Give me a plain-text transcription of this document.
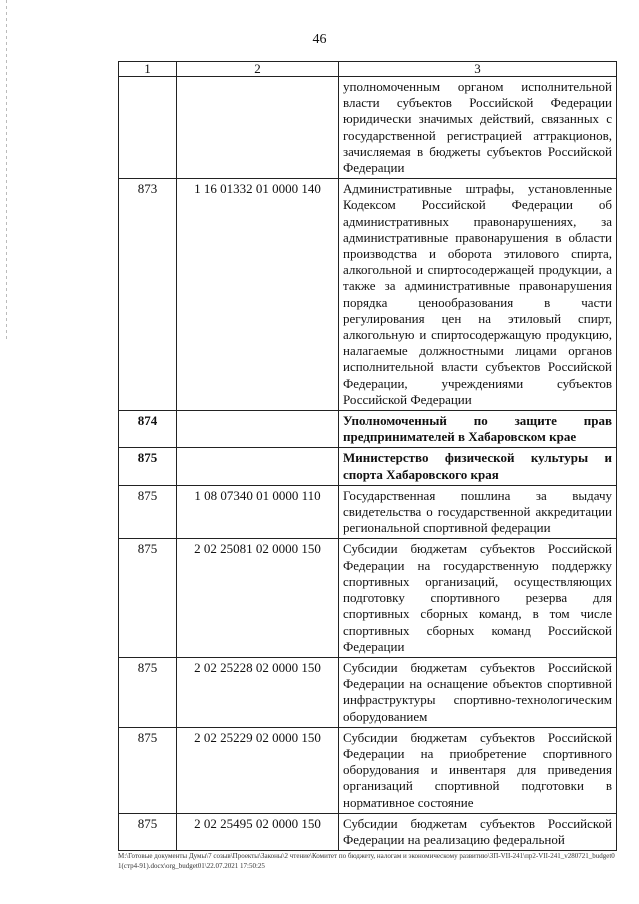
46
1	2	3
		уполномоченным органом исполнительной власти субъектов Российской Федерации юридически значимых действий, связанных с государственной регистрацией аттракционов, зачисляемая в бюджеты субъектов Российской Федерации
873	1 16 01332 01 0000 140	Административные штрафы, установленные Кодексом Российской Федерации об административных правонарушениях, за административные правонарушения в области производства и оборота этилового спирта, алкогольной и спиртосодержащей продукции, а также за административные правонарушения порядка ценообразования в части регулирования цен на этиловый спирт, алкогольную и спиртосодержащую продукцию, налагаемые должностными лицами органов исполнительной власти субъектов Российской Федерации, учреждениями субъектов Российской Федерации
874		Уполномоченный по защите прав предпринимателей в Хабаровском крае
875		Министерство физической культуры и спорта Хабаровского края
875	1 08 07340 01 0000 110	Государственная пошлина за выдачу свидетельства о государственной аккредитации региональной спортивной федерации
875	2 02 25081 02 0000 150	Субсидии бюджетам субъектов Российской Федерации на государственную поддержку спортивных организаций, осуществляющих подготовку спортивного резерва для спортивных сборных команд, в том числе спортивных сборных команд Российской Федерации
875	2 02 25228 02 0000 150	Субсидии бюджетам субъектов Российской Федерации на оснащение объектов спортивной инфраструктуры спортивно-технологическим оборудованием
875	2 02 25229 02 0000 150	Субсидии бюджетам субъектов Российской Федерации на приобретение спортивного оборудования и инвентаря для приведения организаций спортивной подготовки в нормативное состояние
875	2 02 25495 02 0000 150	Субсидии бюджетам субъектов Российской Федерации на реализацию федеральной
М:\Готовые документы Думы\7 созыв\Проекты\Законы\2 чтение\Комитет по бюджету, налогам и экономическому развитию\ЗП-VII-241\пр2-VII-241_v280721_budget01(стр4-91).docx\org_budget01\22.07.2021 17:50:25
